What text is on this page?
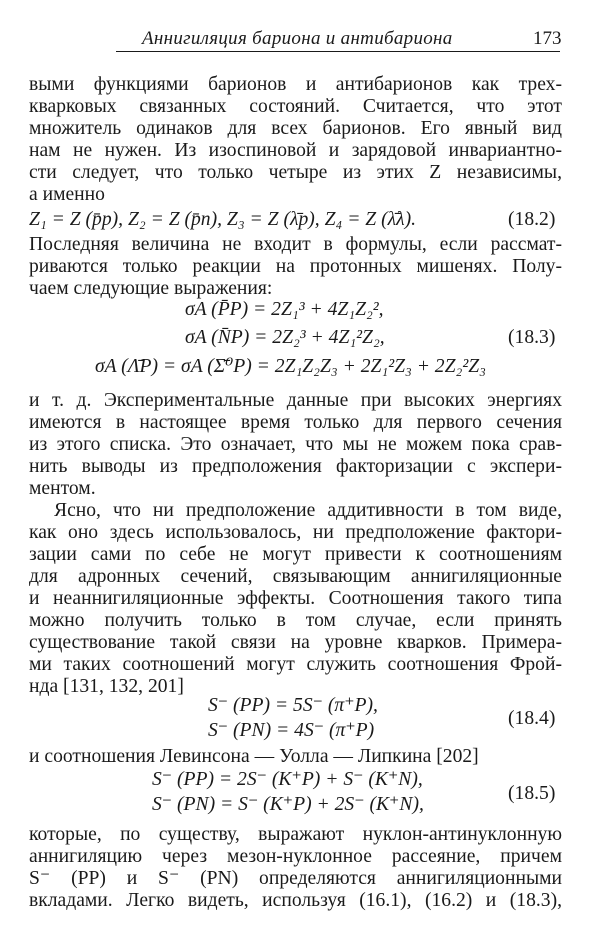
Аннигиляция бариона и антибариона	173
выми функциями барионов и антибарионов как трех-
кварковых связанных состояний. Считается, что этот
множитель одинаков для всех барионов. Его явный вид
нам не нужен. Из изоспиновой и зарядовой инвариантно-
сти следует, что только четыре из этих Z независимы,
а именно
Z₁ = Z (p̄p), Z₂ = Z (p̄n), Z₃ = Z (λ̄p), Z₄ = Z (λ̄λ).	(18.2)
Последняя величина не входит в формулы, если рассмат-
риваются только реакции на протонных мишенях. Полу-
чаем следующие выражения:
σA (P̄P) = 2Z₁³ + 4Z₁Z₂²,
σA (N̄P) = 2Z₂³ + 4Z₁²Z₂,	(18.3)
σA (Λ̄P) = σA (Σ̄⁰P) = 2Z₁Z₂Z₃ + 2Z₁²Z₃ + 2Z₂²Z₃
и т. д. Экспериментальные данные при высоких энергиях
имеются в настоящее время только для первого сечения
из этого списка. Это означает, что мы не можем пока срав-
нить выводы из предположения факторизации с экспери-
ментом.
Ясно, что ни предположение аддитивности в том виде,
как оно здесь использовалось, ни предположение фактори-
зации сами по себе не могут привести к соотношениям
для адронных сечений, связывающим аннигиляционные
и неаннигиляционные эффекты. Соотношения такого типа
можно получить только в том случае, если принять
существование такой связи на уровне кварков. Примера-
ми таких соотношений могут служить соотношения Фрой-
нда [131, 132, 201]
S⁻ (PP) = 5S⁻ (π⁺P),
S⁻ (PN) = 4S⁻ (π⁺P)
(18.4)
и соотношения Левинсона — Уолла — Липкина [202]
S⁻ (PP) = 2S⁻ (K⁺P) + S⁻ (K⁺N),
S⁻ (PN) = S⁻ (K⁺P) + 2S⁻ (K⁺N),
(18.5)
которые, по существу, выражают нуклон-антинуклонную
аннигиляцию через мезон-нуклонное рассеяние, причем
S⁻ (PP) и S⁻ (PN) определяются аннигиляционными
вкладами. Легко видеть, используя (16.1), (16.2) и (18.3),
